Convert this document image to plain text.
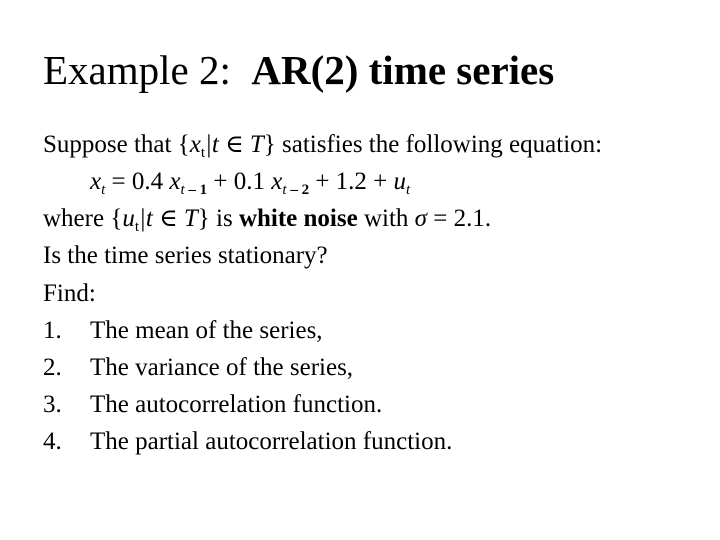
Example 2: AR(2) time series
Suppose that {$x_t|t$ ∈ T} satisfies the following equation:
$x_t = 0.4$ $x_{t - 1} + 0.1$ $x_{t - 2} + 1.2 + u_t$
where {$u_t|t$ ∈ T} is white noise with σ = 2.1.
Is the time series stationary?
Find:
1. The mean of the series,
2. The variance of the series,
3. The autocorrelation function.
4. The partial autocorrelation function.
